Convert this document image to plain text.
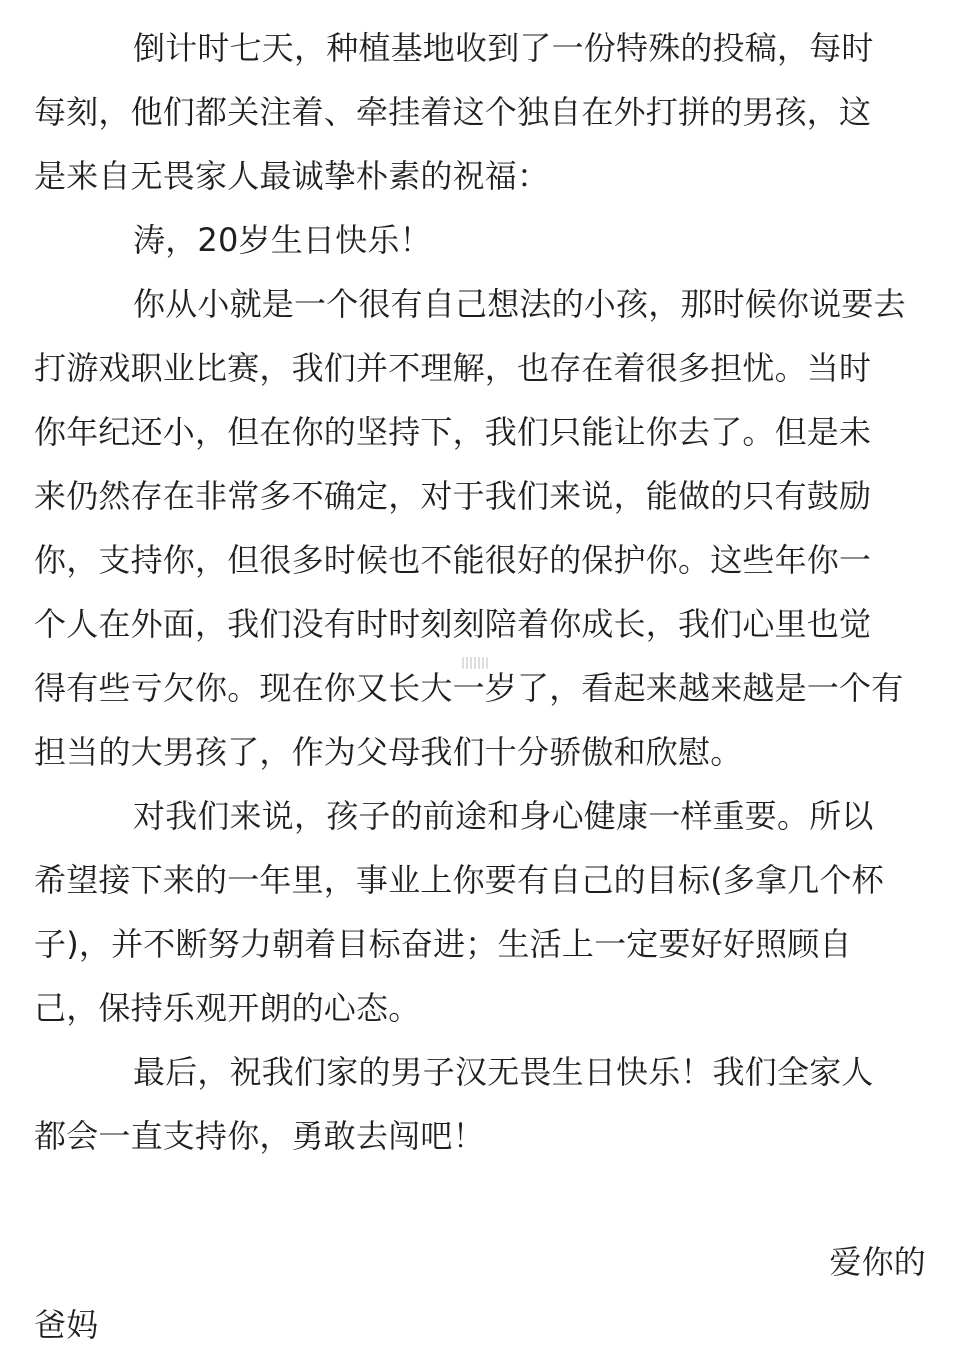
倒计时七天，种植基地收到了一份特殊的投稿，每时
每刻，他们都关注着、牵挂着这个独自在外打拼的男孩，这
是来自无畏家人最诚挚朴素的祝福：
涛，20岁生日快乐！
你从小就是一个很有自己想法的小孩，那时候你说要去
打游戏职业比赛，我们并不理解，也存在着很多担忧。当时
你年纪还小，但在你的坚持下，我们只能让你去了。但是未
来仍然存在非常多不确定，对于我们来说，能做的只有鼓励
你，支持你，但很多时候也不能很好的保护你。这些年你一
个人在外面，我们没有时时刻刻陪着你成长，我们心里也觉
得有些亏欠你。现在你又长大一岁了，看起来越来越是一个有
担当的大男孩了，作为父母我们十分骄傲和欣慰。
对我们来说，孩子的前途和身心健康一样重要。所以
希望接下来的一年里，事业上你要有自己的目标(多拿几个杯
子)，并不断努力朝着目标奋进；生活上一定要好好照顾自
己，保持乐观开朗的心态。
最后，祝我们家的男子汉无畏生日快乐！我们全家人
都会一直支持你，勇敢去闯吧！
爱你的
爸妈
